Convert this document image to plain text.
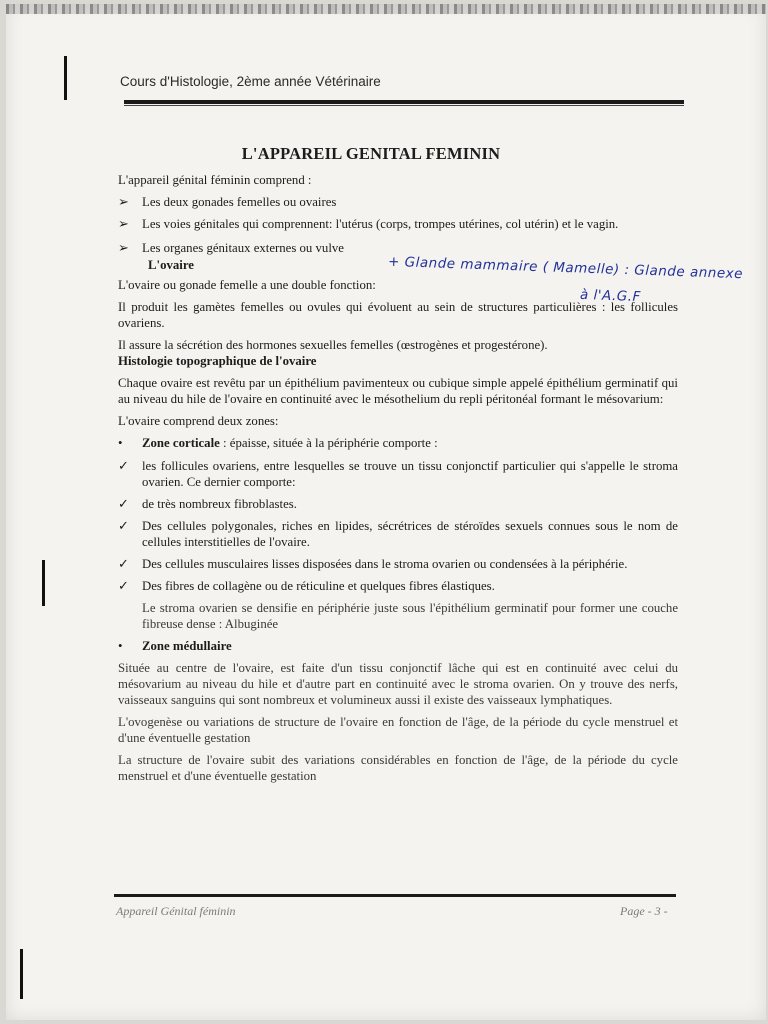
Cours d'Histologie, 2ème année Vétérinaire
L'APPAREIL GENITAL FEMININ
+ Glande mammaire ( Mamelle) : Glande annexe
à l'A.G.F

L'appareil génital féminin comprend :

➢ Les deux gonades femelles ou ovaires
➢ Les voies génitales qui comprennent: l'utérus (corps, trompes utérines, col utérin) et le vagin.
➢ Les organes génitaux externes ou vulve

L'ovaire

L'ovaire ou gonade femelle a une double fonction:

Il produit les gamètes femelles ou ovules qui évoluent au sein de structures particulières : les follicules ovariens.

Il assure la sécrétion des hormones sexuelles femelles (œstrogènes et progestérone).

Histologie topographique de l'ovaire

Chaque ovaire est revêtu par un épithélium pavimenteux ou cubique simple appelé épithélium germinatif qui au niveau du hile de l'ovaire en continuité avec le mésothelium du repli péritonéal formant le mésovarium:

L'ovaire comprend deux zones:

• Zone corticale : épaisse, située à la périphérie comporte :
✓ les follicules ovariens, entre lesquelles se trouve un tissu conjonctif particulier qui s'appelle le stroma ovarien. Ce dernier comporte:
✓ de très nombreux fibroblastes.
✓ Des cellules polygonales, riches en lipides, sécrétrices de stéroïdes sexuels connues sous le nom de cellules interstitielles de l'ovaire.
✓ Des cellules musculaires lisses disposées dans le stroma ovarien ou condensées à la périphérie.
✓ Des fibres de collagène ou de réticuline et quelques fibres élastiques.

Le stroma ovarien se densifie en périphérie juste sous l'épithélium germinatif pour former une couche fibreuse dense : Albuginée

• Zone médullaire

Située au centre de l'ovaire, est faite d'un tissu conjonctif lâche qui est en continuité avec celui du mésovarium au niveau du hile et d'autre part en continuité avec le stroma ovarien. On y trouve des nerfs, vaisseaux sanguins qui sont nombreux et volumineux aussi il existe des vaisseaux lymphatiques.

L'ovogenèse ou variations de structure de l'ovaire en fonction de l'âge, de la période du cycle menstruel et d'une éventuelle gestation

La structure de l'ovaire subit des variations considérables en fonction de l'âge, de la période du cycle menstruel et d'une éventuelle gestation

Appareil Génital féminin	Page - 3 -
